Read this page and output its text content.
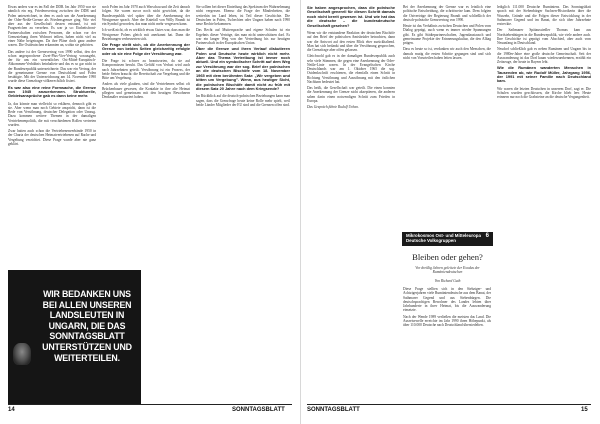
Etwas anders war es im Fall der DDR. Im Jahr 1950 war sie nämlich ein erg. Friedensvertrag zwischen der DDR und Polen unterzeichnet, in dem es auch um die Anerkennung der Oder-Neiße-Grenze als Friedensgrenze ging. Wie viel aber aus der Gesellschaft dessen entstand, ist mit Fragezeichen zu versehen. Es war ja so: Einheitsfront-Partnerschaften zwischen Personen, die schon vor der Grenzziehung ihren Wohnort teilten, haben nicht viel zu einer Nähe beigetragen. Da ihre Pläne doch ganz andere waren. Die Ostdeutschen erkannten an, wohin sie gehörten.

Das andere ist der Grenzvertrag von 1990 selbst, den der schon angesprochene Zwei-Plus-Vier-Vertrag vorausgeht, der für uns ein wesentliches Ost-Mittel-Europäisch-Abkommen-Verhältnis beinhaltete und das es so gar nicht in der Bundesrepublik unterzeichnete. Das war ein Vertrag, der die gemeinsame Grenze von Deutschland und Polen bestätigte. Mit der Unterzeichnung am 14. November 1990 wurde diese Grenzfrage völkerrechtlich fixiert.

Es war also eine reine Formsache, die Grenze von 1945 anzuerkennen. Strukturelle, Gebietsansprüche gab es dann keine mehr.

Ja, das könnte man vielleicht so erklären, dennoch gibt es sie. Aber wenn man noch Gebiete anspricht, dann ist die Rede von Versöhnung, deutscher Delegation oder Umzug. Dazu kommen weitere Themen in der damaligen Vertriebenenpolitik, die mit verschiedenen Rollen vertreten wurden.

Zwar hatten auch schon die Vertriebenenverbände 1950 in der Charta der deutschen Heimatvertriebenen auf Rache und Vergeltung verzichtet. Diese Frage wurde aber nie ganz geklärt.

noch Polen im Jahr 1970 auch Warschau und die Zeit danach folgen. Sie waren zuvor noch nicht gewichtet, da die Bundesrepublik viel später über die Anerkennung der Westgrenze sprach. Aber der Kniefall von Willy Brandt ist ein Symbol geworden, das man nicht mehr vergessen kann.

Ich weiß nicht, ob es wirklich etwas Gutes war, dass man die Westgrenze Polens gleich mit anerkannt hat. Dann die Beziehungen verbesserten sich.

Die Frage stellt sich, ob die Anerkennung der Grenze von beiden Seiten gleichzeitig erfolgte oder ob sie eine Folge der Versöhnung war.

Die Frage ist schwer zu beantworten, da sie auf Kompromissen beruht. Das Gefühl von Verlust wird auch nach Jahrzehnten geteilt. Versöhnung ist ein Prozess, der beide Seiten braucht: die Bereitschaft zur Vergebung und die Bitte um Vergebung.

Anders als viele glauben, sind die Vertriebenen selbst oft Brückenbauer gewesen, die Kontakte in ihre alte Heimat pflegten und gemeinsam mit den heutigen Bewohnern Denkmäler restauriert haben.

Sie sollten bei dieser Einteilung das Spektrum der Wahrnehmung nicht vergessen. Ebenso die Frage der Minderheiten, die weiterhin im Land leben, ist Teil dieser Geschichte. Die Deutschen in Polen, Tschechien oder Ungarn haben nach 1990 neue Rechte bekommen.

Das Recht auf Muttersprache und eigene Schulen ist ein Ergebnis dieser Verträge, das man nicht unterschätzen darf. Es war ein langer Weg von der Vertreibung bis zur heutigen Partnerschaft in der Europäischen Union.

Über die Grenze und ihren Verlauf diskutieren Polen und Deutsche heute wirklich nicht mehr. Aber das Thema Vertreibung ist immer noch aktuell. Und ein symbolischer Schritt auf dem Weg zur Versöhnung war der sog. Brief der polnischen an die deutschen Bischöfe vom 18. November 1965 mit dem berühmten Satz: „Wir vergeben und bitten um Vergebung". Wenn, aus heutiger Sicht, die polnischen Bischöfe damit nicht zu früh mit diesem Satz 20 Jahre nach dem Kriegsende?

Im Rückblick auf die deutsch-polnischen Beziehungen kann man sagen, dass die Grenzfrage heute keine Rolle mehr spielt, weil beide Länder Mitglieder der EU sind und die Grenzen offen sind.

WIR BEDANKEN UNS BEI ALLEN UNSEREN LANDSLEUTEN IN UNGARN, DIE DAS SONNTAGSBLATT UNTERSTÜTZEN UND WEITERTEILEN.
14	SONNTAGSBLATT

Sie haben angesprochen, dass die polnische Gesellschaft generell für diesen Schritt damals noch nicht bereit gewesen ist. Und wie hat das die deutsche – die bundesdeutsche Gesellschaft gesehen?

Wenn wir die entstandene Reaktion der deutschen Bischöfe auf den Brief der polnischen Amtsbrüder betrachten, dann war die Antwort auf den ersten Blick eher zurückhaltend. Man hat sich bedankt und über die Versöhnung gesprochen, die Grenzfrage aber offen gelassen.

Gleichwohl gab es in der damaligen Bundesrepublik auch sehr viele Stimmen, die gegen eine Anerkennung der Oder-Neiße-Linie waren. In der Evangelischen Kirche Deutschlands war am 1. Oktober 1965 die sog. Ostdenkschrift erschienen, die ebenfalls einen Schritt in Richtung Versöhnung und Aussöhnung mit den östlichen Nachbarn bedeutet hat.

Das heißt, die Gesellschaft war geteilt. Die einen konnten die Anerkennung der Grenze nicht akzeptieren, die anderen sahen darin einen notwendigen Schritt zum Frieden in Europa.

Das Gespräch führte Rudolf Urban.

Bei der Anerkennung der Grenze war es letztlich eine politische Entscheidung, die schrittweise kam. Dem folgten die Ostverträge der Regierung Brandt und schließlich der deutsch-polnische Grenzvertrag von 1990.

Heute ist das Verhältnis zwischen Deutschen und Polen vom Dialog geprägt, auch wenn es immer wieder Spannungen gibt. Es gibt Städtepartnerschaften, Jugendaustausch und gemeinsame Projekte der Erinnerungskultur, die den Alltag prägen.

Dass es heute so ist, verdanken wir auch den Menschen, die damals mutig die ersten Schritte gegangen sind und sich nicht von Vorurteilen haben leiten lassen.

lediglich 111.000 Deutsche Rumäniens. Das Sonntagsblatt sprach mit der Siebenbürger Sachsen-Historikerin über die Wurzeln, Gründe und die Folgen dieser Entwicklung in der Sathmarer Gegend und im Banat, die sich über Jahrzehnte erstreckte.

Der Sathmarer Spätaussiedler Thomas kam aus Nordsiebenbürgen in die Bundesrepublik, wie viele andere auch. Ihre Geschichte ist geprägt vom Abschied, aber auch vom Neuanfang in Deutschland.

Neudorf schließlich gab es neben Rumänen und Ungarn bis in die 1980er-Jahre eine große deutsche Gemeinschaft. Seit der Auswanderung ist das Dorf kaum wiederzuerkennen, erzählt ein Zeitzeuge, der heute in Bayern lebt.

Wie die Rumänen wanderten Menschen in Tausenden ab, wie Rudolf Müller, Jahrgang 1956, der 1991 mit seiner Familie nach Deutschland kam.

Wir waren die letzten Deutschen in unserem Dorf, sagt er. Die Schulen wurden geschlossen, die Kirche blieb leer. Heute erinnern nur noch die Grabsteine an die deutsche Vergangenheit.

Diese Frage stellten sich in den Siebziger- und Achtzigerjahren viele Rumäniendeutsche aus dem Banat, der Sathmarer Gegend und aus Siebenbürgen. Die deutschsprachigen Bewohner des Landes lebten über Jahrhunderte in ihrer Heimat, bis die Auswanderung einsetzte.

Nach der Wende 1989 verließen die meisten das Land. Die Ausreisewelle erreichte im Jahr 1990 ihren Höhepunkt, als über 110.000 Deutsche nach Deutschland übersiedelten.

SONNTAGSBLATT	15
Mikrokosmos Ost- und Mitteleuropa
Deutsche Volksgruppen
6
Bleiben oder gehen?
Vor dreißig Jahren geleitete der Exodus der Rumäniendeutschen
Von Richard Guth
